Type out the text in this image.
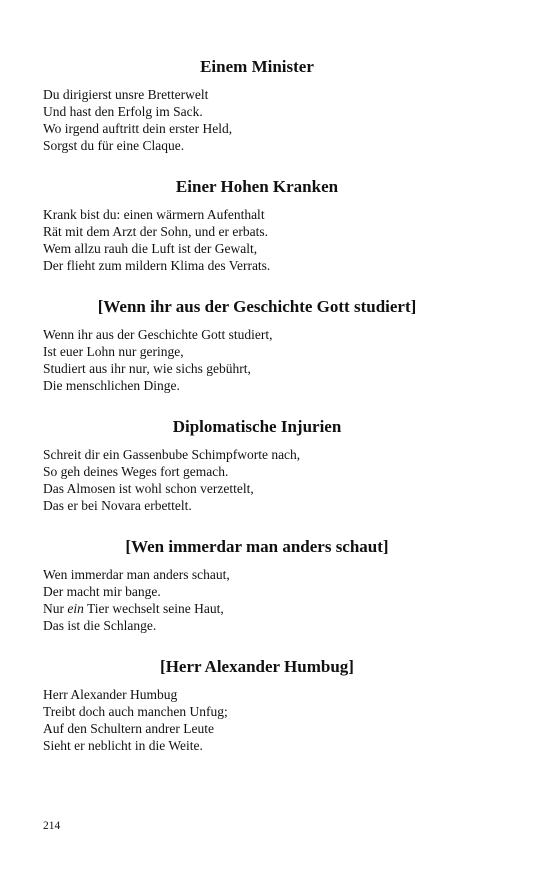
Einem Minister

Du dirigierst unsre Bretterwelt

Und hast den Erfolg im Sack.

Wo irgend auftritt dein erster Held,

Sorgst du für eine Claque.

Einer Hohen Kranken

Krank bist du: einen wärmern Aufenthalt

Rät mit dem Arzt der Sohn, und er erbats.

Wem allzu rauh die Luft ist der Gewalt,

Der flieht zum mildern Klima des Verrats.

[Wenn ihr aus der Geschichte Gott studiert]

Wenn ihr aus der Geschichte Gott studiert,

Ist euer Lohn nur geringe,

Studiert aus ihr nur, wie sichs gebührt,

Die menschlichen Dinge.

Diplomatische Injurien

Schreit dir ein Gassenbube Schimpfworte nach,

So geh deines Weges fort gemach.

Das Almosen ist wohl schon verzettelt,

Das er bei Novara erbettelt.

[Wen immerdar man anders schaut]

Wen immerdar man anders schaut,

Der macht mir bange.

Nur ein Tier wechselt seine Haut,

Das ist die Schlange.

[Herr Alexander Humbug]

Herr Alexander Humbug

Treibt doch auch manchen Unfug;

Auf den Schultern andrer Leute

Sieht er neblicht in die Weite.

214
